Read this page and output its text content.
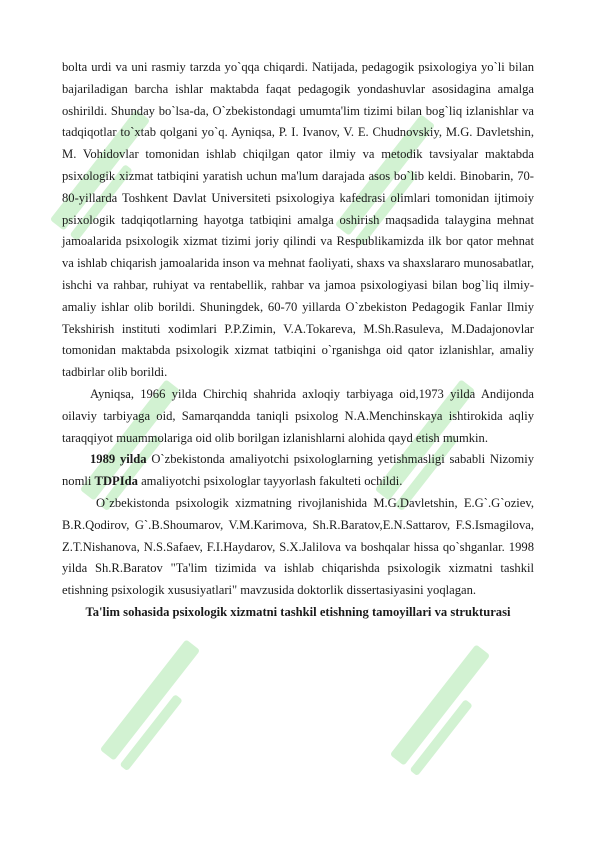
bolta urdi va uni rasmiy tarzda yo`qqa chiqardi. Natijada, pedagogik psixologiya yo`li bilan bajariladigan barcha ishlar maktabda faqat pedagogik yondashuvlar asosidagina amalga oshirildi. Shunday bo`lsa-da, O`zbekistondagi umumta'lim tizimi bilan bog`liq izlanishlar va tadqiqotlar to`xtab qolgani yo`q. Ayniqsa, P. I. Ivanov, V. E. Chudnovskiy, M.G. Davletshin, M. Vohidovlar tomonidan ishlab chiqilgan qator ilmiy va metodik tavsiyalar maktabda psixologik xizmat tatbiqini yaratish uchun ma'lum darajada asos bo`lib keldi. Binobarin, 70-80-yillarda Toshkent Davlat Universiteti psixologiya kafedrasi olimlari tomonidan ijtimoiy psixologik tadqiqotlarning hayotga tatbiqini amalga oshirish maqsadida talaygina mehnat jamoalarida psixologik xizmat tizimi joriy qilindi va Respublikamizda ilk bor qator mehnat va ishlab chiqarish jamoalarida inson va mehnat faoliyati, shaxs va shaxslararo munosabatlar, ishchi va rahbar, ruhiyat va rentabellik, rahbar va jamoa psixologiyasi bilan bog`liq ilmiy-amaliy ishlar olib borildi. Shuningdek, 60-70 yillarda O`zbekiston Pedagogik Fanlar Ilmiy Tekshirish instituti xodimlari P.P.Zimin, V.A.Tokareva, M.Sh.Rasuleva, M.Dadajonovlar tomonidan maktabda psixologik xizmat tatbiqini o`rganishga oid qator izlanishlar, amaliy tadbirlar olib borildi.

Ayniqsa, 1966 yilda Chirchiq shahrida axloqiy tarbiyaga oid,1973 yilda Andijonda oilaviy tarbiyaga oid, Samarqandda taniqli psixolog N.A.Menchinskaya ishtirokida aqliy taraqqiyot muammolariga oid olib borilgan izlanishlarni alohida qayd etish mumkin.

1989 yilda O`zbekistonda amaliyotchi psixologlarning yetishmasligi sababli Nizomiy nomli TDPIda amaliyotchi psixologlar tayyorlash fakulteti ochildi.

O`zbekistonda psixologik xizmatning rivojlanishida M.G.Davletshin, E.G`.G`oziev, B.R.Qodirov, G`.B.Shoumarov, V.M.Karimova, Sh.R.Baratov,E.N.Sattarov, F.S.Ismagilova, Z.T.Nishanova, N.S.Safaev, F.I.Haydarov, S.X.Jalilova va boshqalar hissa qo`shganlar. 1998 yilda Sh.R.Baratov "Ta'lim tizimida va ishlab chiqarishda psixologik xizmatni tashkil etishning psixologik xususiyatlari" mavzusida doktorlik dissertasiyasini yoqlagan.

Ta'lim sohasida psixologik xizmatni tashkil etishning tamoyillari va strukturasi
